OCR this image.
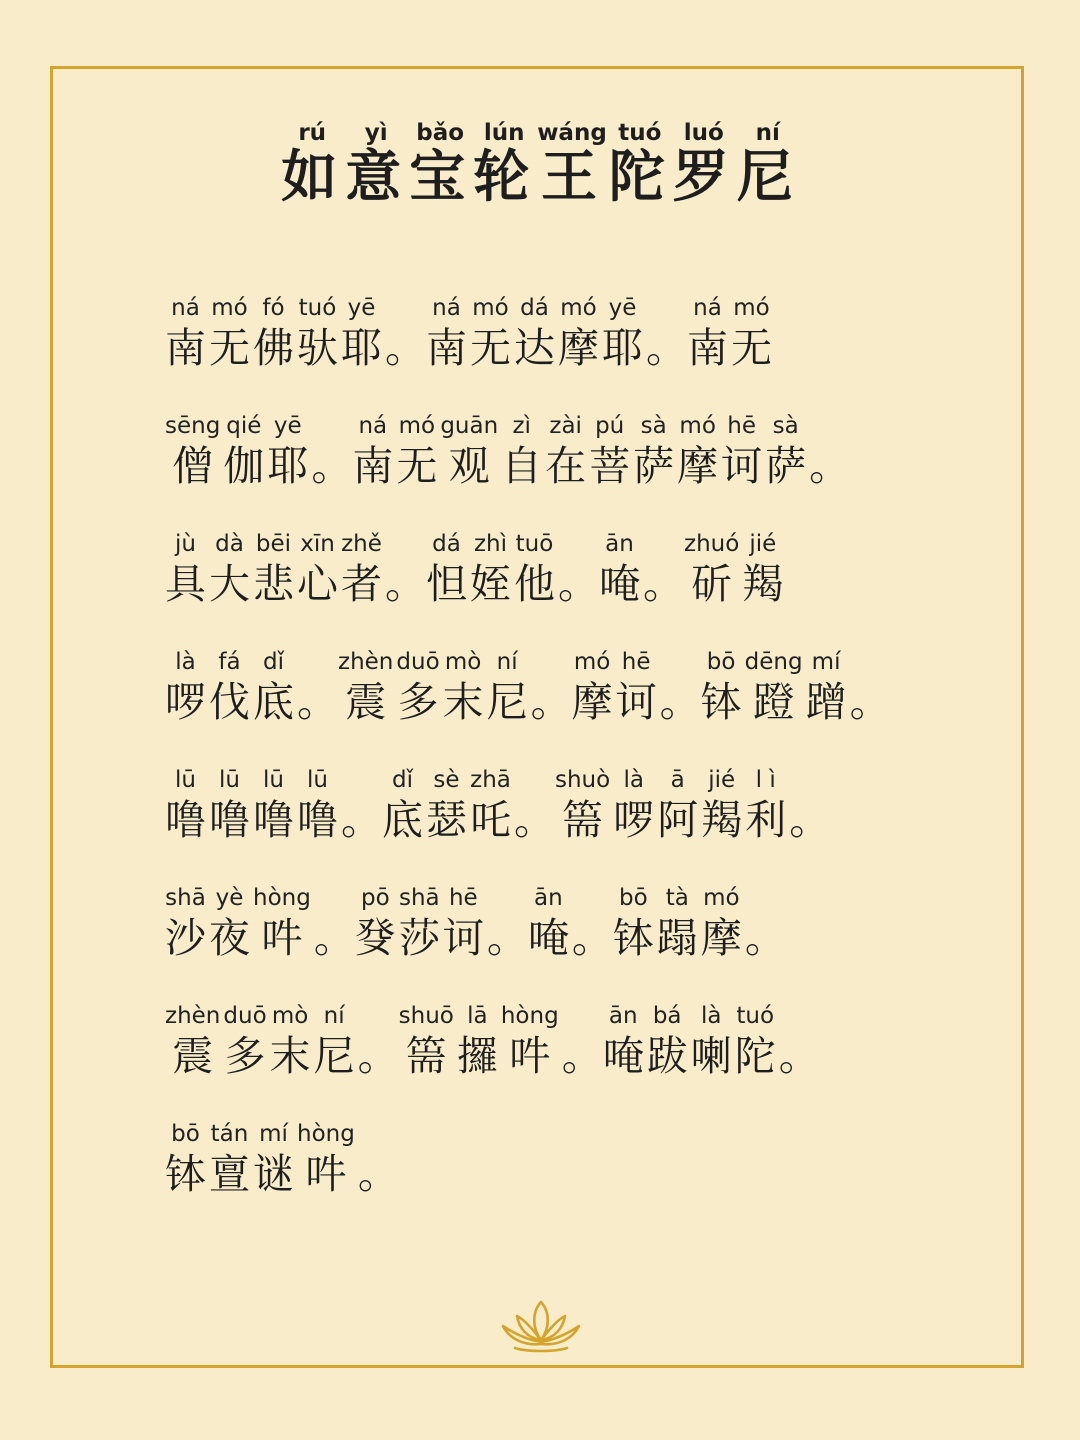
如rú
意yì
宝bǎo
轮lún
王wáng
陀tuó
罗luó
尼ní
南ná
无mó
佛fó
驮tuó
耶yē
。 南ná
无mó
达dá
摩mó
耶yē
。 南ná
无mó
僧sēng
伽qié
耶yē
。 南ná
无mó
观guān
自zì
在zài
菩pú
萨sà
摩mó
诃hē
萨sà
。
具jù
大dà
悲bēi
心xīn
者zhě
。 怛dá
姪zhì
他tuō
。 唵ān
。 斫zhuó
羯jié
啰là
伐fá
底dǐ
。 震zhèn
多duō
末mò
尼ní
。 摩mó
诃hē
。 钵bō
蹬dēng
蹭mí
。
噜lū
噜lū
噜lū
噜lū
。 底dǐ
瑟sè
吒zhā
。 篅shuò
啰là
阿ā
羯jié
利l ì
。
沙shā
夜yè
吽hòng
。 癹pō
莎shā
诃hē
。 唵ān
。 钵bō
蹋tà
摩mó
。
震zhèn
多duō
末mò
尼ní
。 篅shuō
攞lā
吽hòng
。 唵ān
跋bá
喇là
陀tuó
。
钵bō
亶tán
谜mí
吽hòng
。
